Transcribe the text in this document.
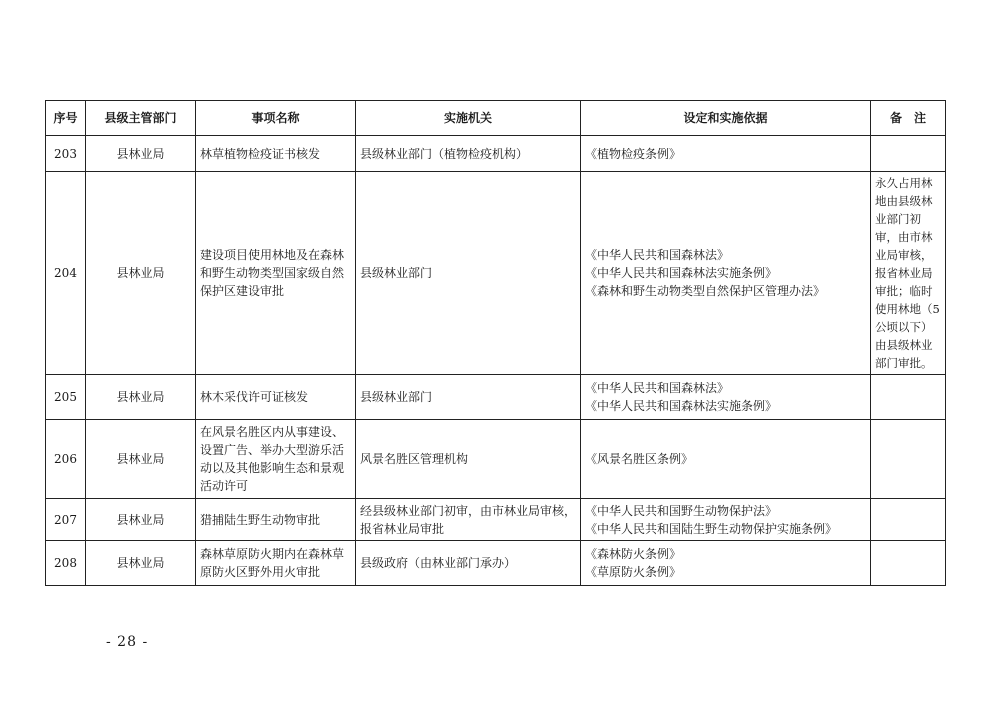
序号	县级主管部门	事项名称	实施机关	设定和实施依据	备　注
203	县林业局	林草植物检疫证书核发	县级林业部门（植物检疫机构）	《植物检疫条例》	

204	县林业局	建设项目使用林地及在森林和野生动物类型国家级自然保护区建设审批	县级林业部门	《中华人民共和国森林法》
《中华人民共和国森林法实施条例》
《森林和野生动物类型自然保护区管理办法》	永久占用林地由县级林业部门初审，由市林业局审核，报省林业局审批；临时使用林地（5公顷以下）由县级林业部门审批。
205	县林业局	林木采伐许可证核发	县级林业部门	《中华人民共和国森林法》
《中华人民共和国森林法实施条例》	

206	县林业局	在风景名胜区内从事建设、设置广告、举办大型游乐活动以及其他影响生态和景观活动许可	风景名胜区管理机构	《风景名胜区条例》	

207	县林业局	猎捕陆生野生动物审批	经县级林业部门初审，由市林业局审核，报省林业局审批	《中华人民共和国野生动物保护法》
《中华人民共和国陆生野生动物保护实施条例》	

208	县林业局	森林草原防火期内在森林草原防火区野外用火审批	县级政府（由林业部门承办）	《森林防火条例》
《草原防火条例》	

- 28 -
